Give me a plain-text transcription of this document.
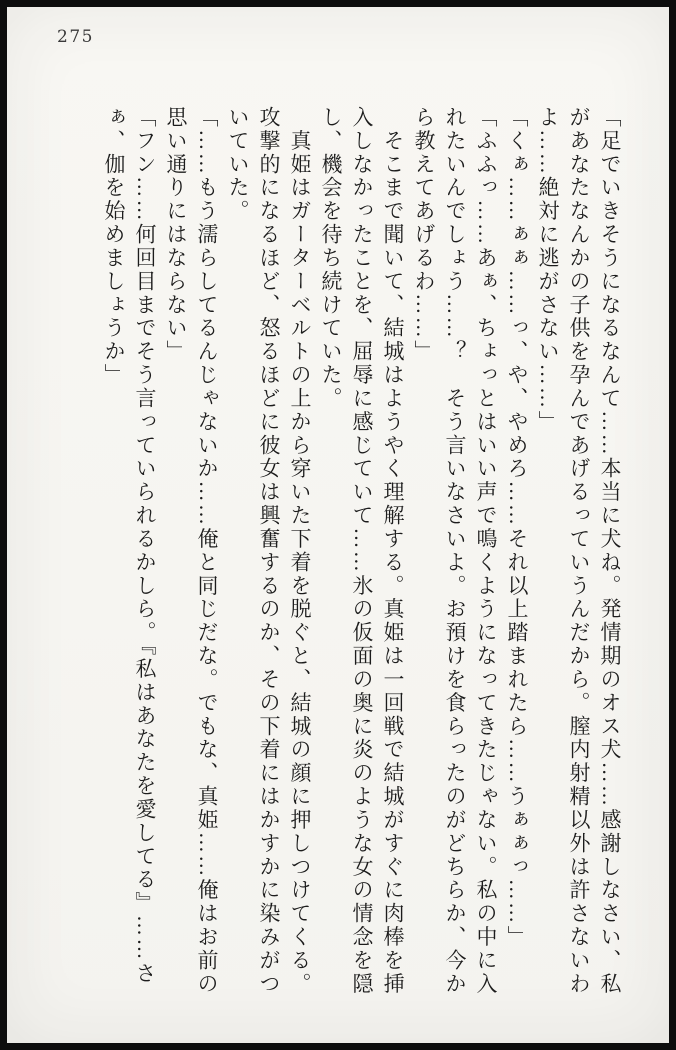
275
「足でいきそうになるなんて……本当に犬ね。発情期のオス犬……感謝しなさい、私
があなたなんかの子供を孕んであげるっていうんだから。膣内射精以外は許さないわ
よ……絶対に逃がさない……」
「くぁ……ぁぁ……っ、や、やめろ……それ以上踏まれたら……うぁぁっ……」
「ふふっ……あぁ、ちょっとはいい声で鳴くようになってきたじゃない。私の中に入
れたいんでしょう……？　そう言いなさいよ。お預けを食らったのがどちらか、今か
ら教えてあげるわ……」
　そこまで聞いて、結城はようやく理解する。真姫は一回戦で結城がすぐに肉棒を挿
入しなかったことを、屈辱に感じていて……氷の仮面の奥に炎のような女の情念を隠
し、機会を待ち続けていた。
　真姫はガーターベルトの上から穿いた下着を脱ぐと、結城の顔に押しつけてくる。
攻撃的になるほど、怒るほどに彼女は興奮するのか、その下着にはかすかに染みがつ
いていた。
「……もう濡らしてるんじゃないか……俺と同じだな。でもな、真姫……俺はお前の
思い通りにはならない」
「フン……何回目までそう言っていられるかしら。『私はあなたを愛してる』……さ
ぁ、伽を始めましょうか」
